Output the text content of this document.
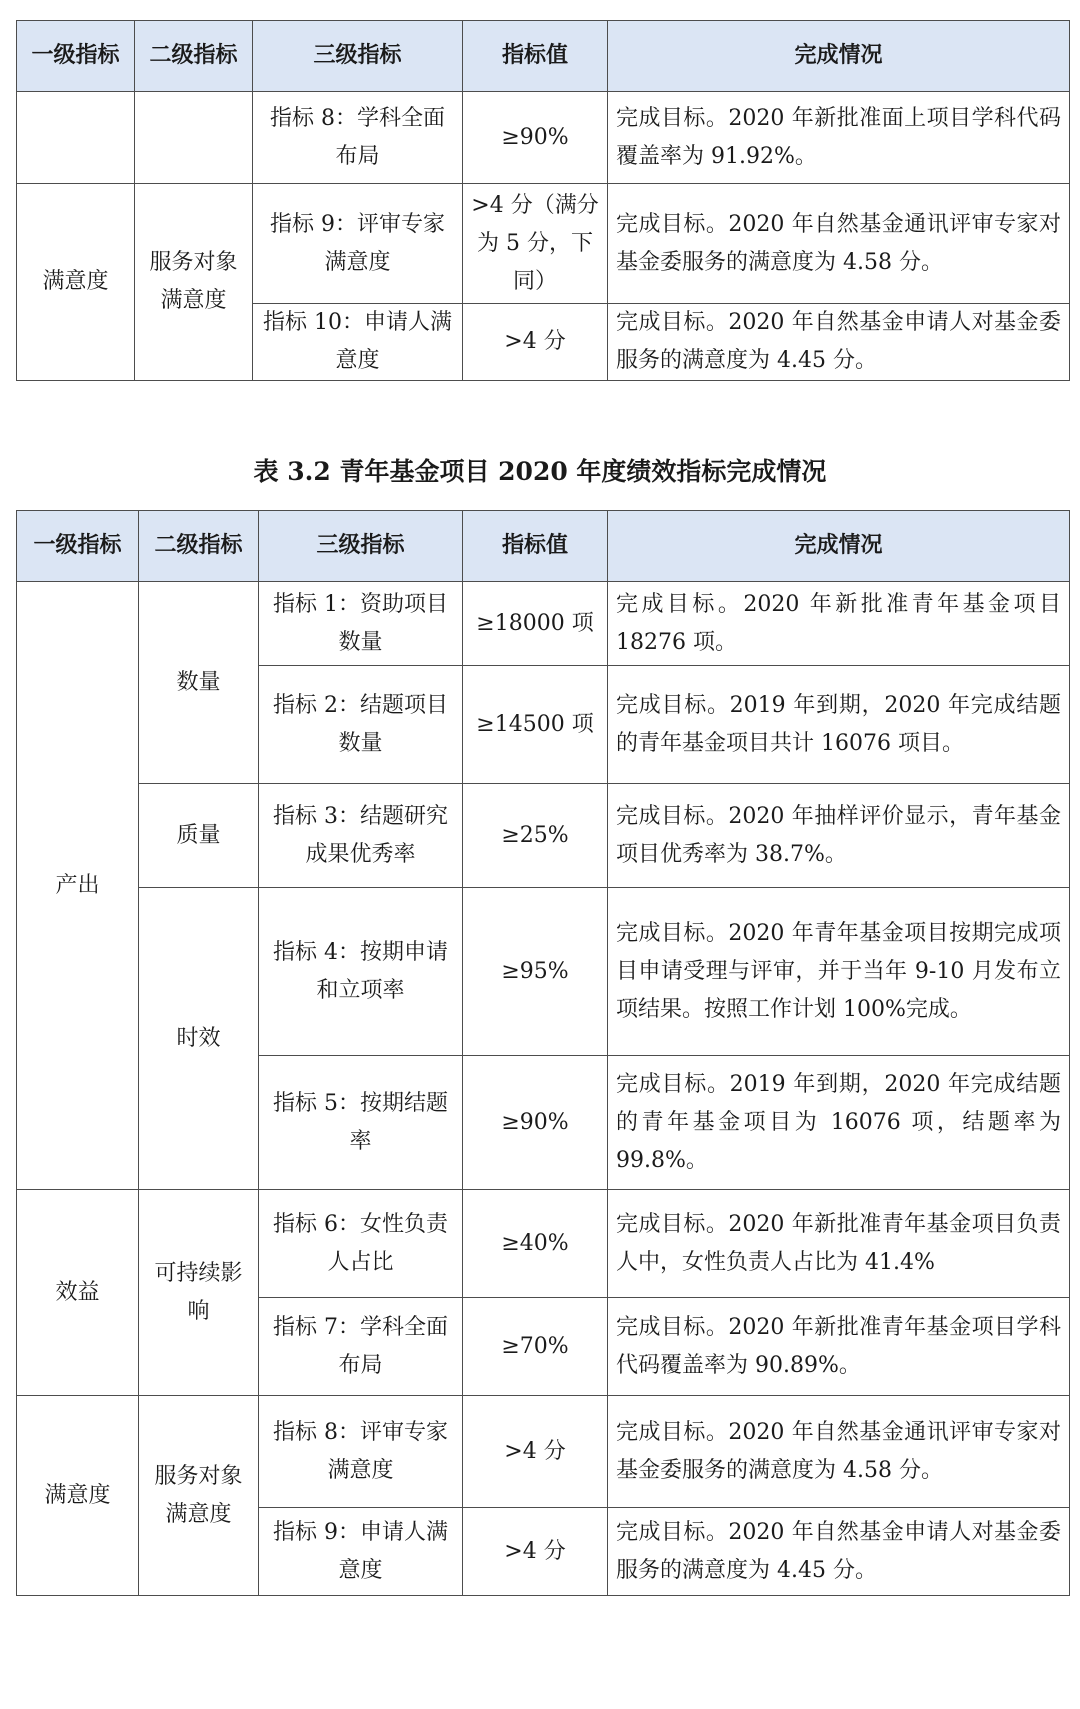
一级指标	二级指标	三级指标	指标值	完成情况
		指标 8：学科全面布局	≥90%	完成目标。2020 年新批准面上项目学科代码覆盖率为 91.92%。
满意度	服务对象满意度	指标 9：评审专家满意度	>4 分（满分为 5 分，下同）	完成目标。2020 年自然基金通讯评审专家对基金委服务的满意度为 4.58 分。
		指标 10：申请人满意度	>4 分	完成目标。2020 年自然基金申请人对基金委服务的满意度为 4.45 分。
表 3.2 青年基金项目 2020 年度绩效指标完成情况
一级指标	二级指标	三级指标	指标值	完成情况
产出	数量	指标 1：资助项目数量	≥18000 项	完成目标。2020 年新批准青年基金项目 18276 项。
		指标 2：结题项目数量	≥14500 项	完成目标。2019 年到期，2020 年完成结题的青年基金项目共计 16076 项目。
	质量	指标 3：结题研究成果优秀率	≥25%	完成目标。2020 年抽样评价显示，青年基金项目优秀率为 38.7%。
	时效	指标 4：按期申请和立项率	≥95%	完成目标。2020 年青年基金项目按期完成项目申请受理与评审，并于当年 9-10 月发布立项结果。按照工作计划 100%完成。
		指标 5：按期结题率	≥90%	完成目标。2019 年到期，2020 年完成结题的青年基金项目为 16076 项，结题率为 99.8%。
效益	可持续影响	指标 6：女性负责人占比	≥40%	完成目标。2020 年新批准青年基金项目负责人中，女性负责人占比为 41.4%
		指标 7：学科全面布局	≥70%	完成目标。2020 年新批准青年基金项目学科代码覆盖率为 90.89%。
满意度	服务对象满意度	指标 8：评审专家满意度	>4 分	完成目标。2020 年自然基金通讯评审专家对基金委服务的满意度为 4.58 分。
		指标 9：申请人满意度	>4 分	完成目标。2020 年自然基金申请人对基金委服务的满意度为 4.45 分。
